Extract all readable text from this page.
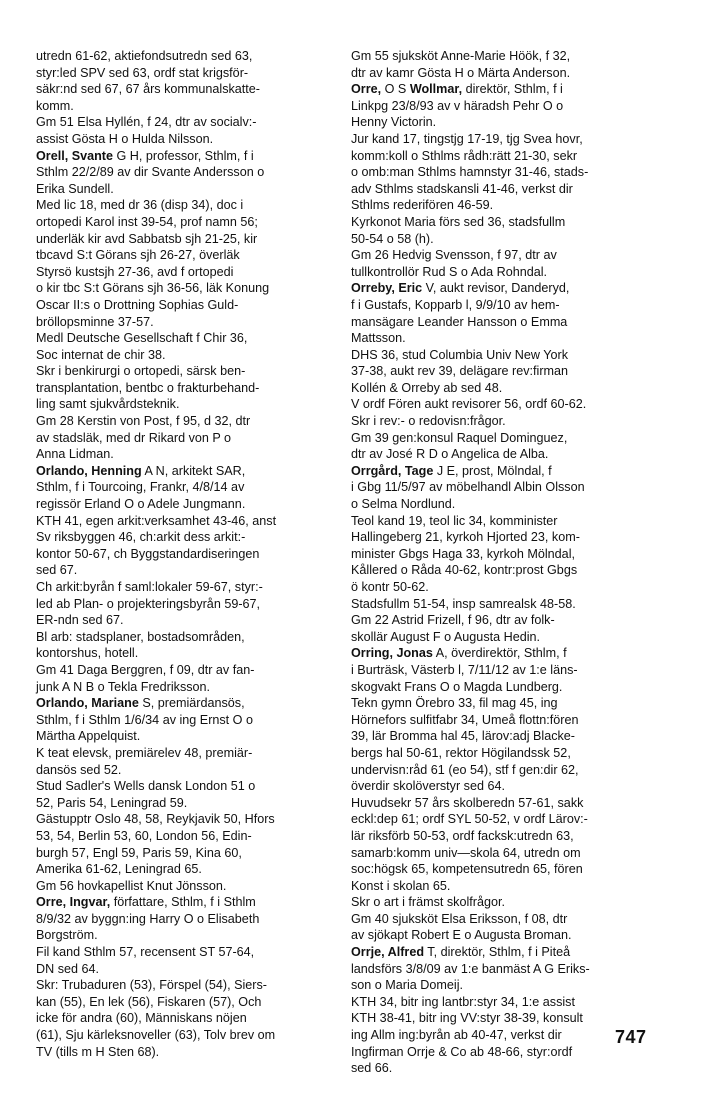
utredn 61-62, aktiefondsutredn sed 63,
styr:led SPV sed 63, ordf stat krigsför-
säkr:nd sed 67, 67 års kommunalskatte-
komm.
Gm 51 Elsa Hyllén, f 24, dtr av socialv:-
assist Gösta H o Hulda Nilsson.
Orell, Svante G H, professor, Sthlm, f i
Sthlm 22/2/89 av dir Svante Andersson o
Erika Sundell.
Med lic 18, med dr 36 (disp 34), doc i
ortopedi Karol inst 39-54, prof namn 56;
underläk kir avd Sabbatsb sjh 21-25, kir
tbcavd S:t Görans sjh 26-27, överläk
Styrsö kustsjh 27-36, avd f ortopedi
o kir tbc S:t Görans sjh 36-56, läk Konung
Oscar II:s o Drottning Sophias Guld-
bröllopsminne 37-57.
Medl Deutsche Gesellschaft f Chir 36,
Soc internat de chir 38.
Skr i benkirurgi o ortopedi, särsk ben-
transplantation, bentbc o frakturbehand-
ling samt sjukvårdsteknik.
Gm 28 Kerstin von Post, f 95, d 32, dtr
av stadsläk, med dr Rikard von P o
Anna Lidman.
Orlando, Henning A N, arkitekt SAR,
Sthlm, f i Tourcoing, Frankr, 4/8/14 av
regissör Erland O o Adele Jungmann.
KTH 41, egen arkit:verksamhet 43-46, anst
Sv riksbyggen 46, ch:arkit dess arkit:-
kontor 50-67, ch Byggstandardiseringen
sed 67.
Ch arkit:byrån f saml:lokaler 59-67, styr:-
led ab Plan- o projekteringsbyrån 59-67,
ER-ndn sed 67.
Bl arb: stadsplaner, bostadsområden,
kontorshus, hotell.
Gm 41 Daga Berggren, f 09, dtr av fan-
junk A N B o Tekla Fredriksson.
Orlando, Mariane S, premiärdansös,
Sthlm, f i Sthlm 1/6/34 av ing Ernst O o
Märtha Appelquist.
K teat elevsk, premiärelev 48, premiär-
dansös sed 52.
Stud Sadler's Wells dansk London 51 o
52, Paris 54, Leningrad 59.
Gästupptr Oslo 48, 58, Reykjavik 50, Hfors
53, 54, Berlin 53, 60, London 56, Edin-
burgh 57, Engl 59, Paris 59, Kina 60,
Amerika 61-62, Leningrad 65.
Gm 56 hovkapellist Knut Jönsson.
Orre, Ingvar, författare, Sthlm, f i Sthlm
8/9/32 av byggn:ing Harry O o Elisabeth
Borgström.
Fil kand Sthlm 57, recensent ST 57-64,
DN sed 64.
Skr: Trubaduren (53), Förspel (54), Siers-
kan (55), En lek (56), Fiskaren (57), Och
icke för andra (60), Människans nöjen
(61), Sju kärleksnoveller (63), Tolv brev om
TV (tills m H Sten 68).
Gm 55 sjuksköt Anne-Marie Höök, f 32,
dtr av kamr Gösta H o Märta Anderson.
Orre, O S Wollmar, direktör, Sthlm, f i
Linkpg 23/8/93 av v häradsh Pehr O o
Henny Victorin.
Jur kand 17, tingstjg 17-19, tjg Svea hovr,
komm:koll o Sthlms rådh:rätt 21-30, sekr
o omb:man Sthlms hamnstyr 31-46, stads-
adv Sthlms stadskansli 41-46, verkst dir
Sthlms rederifören 46-59.
Kyrkonot Maria förs sed 36, stadsfullm
50-54 o 58 (h).
Gm 26 Hedvig Svensson, f 97, dtr av
tullkontrollör Rud S o Ada Rohndal.
Orreby, Eric V, aukt revisor, Danderyd,
f i Gustafs, Kopparb l, 9/9/10 av hem-
mansägare Leander Hansson o Emma
Mattsson.
DHS 36, stud Columbia Univ New York
37-38, aukt rev 39, delägare rev:firman
Kollén & Orreby ab sed 48.
V ordf Fören aukt revisorer 56, ordf 60-62.
Skr i rev:- o redovisn:frågor.
Gm 39 gen:konsul Raquel Dominguez,
dtr av José R D o Angelica de Alba.
Orrgård, Tage J E, prost, Mölndal, f
i Gbg 11/5/97 av möbelhandl Albin Olsson
o Selma Nordlund.
Teol kand 19, teol lic 34, komminister
Hallingeberg 21, kyrkoh Hjorted 23, kom-
minister Gbgs Haga 33, kyrkoh Mölndal,
Kållered o Råda 40-62, kontr:prost Gbgs
ö kontr 50-62.
Stadsfullm 51-54, insp samrealsk 48-58.
Gm 22 Astrid Frizell, f 96, dtr av folk-
skollär August F o Augusta Hedin.
Orring, Jonas A, överdirektör, Sthlm, f
i Burträsk, Västerb l, 7/11/12 av 1:e läns-
skogvakt Frans O o Magda Lundberg.
Tekn gymn Örebro 33, fil mag 45, ing
Hörnefors sulfitfabr 34, Umeå flottn:fören
39, lär Bromma hal 45, lärov:adj Blacke-
bergs hal 50-61, rektor Högilandssk 52,
undervisn:råd 61 (eo 54), stf f gen:dir 62,
överdir skolöverstyr sed 64.
Huvudsekr 57 års skolberedn 57-61, sakk
eckl:dep 61; ordf SYL 50-52, v ordf Lärov:-
lär riksförb 50-53, ordf facksk:utredn 63,
samarb:komm univ—skola 64, utredn om
soc:högsk 65, kompetensutredn 65, fören
Konst i skolan 65.
Skr o art i främst skolfrågor.
Gm 40 sjuksköt Elsa Eriksson, f 08, dtr
av sjökapt Robert E o Augusta Broman.
Orrje, Alfred T, direktör, Sthlm, f i Piteå
landsförs 3/8/09 av 1:e banmäst A G Eriks-
son o Maria Domeij.
KTH 34, bitr ing lantbr:styr 34, 1:e assist
KTH 38-41, bitr ing VV:styr 38-39, konsult
ing Allm ing:byrån ab 40-47, verkst dir
Ingfirman Orrje & Co ab 48-66, styr:ordf
sed 66.
747
